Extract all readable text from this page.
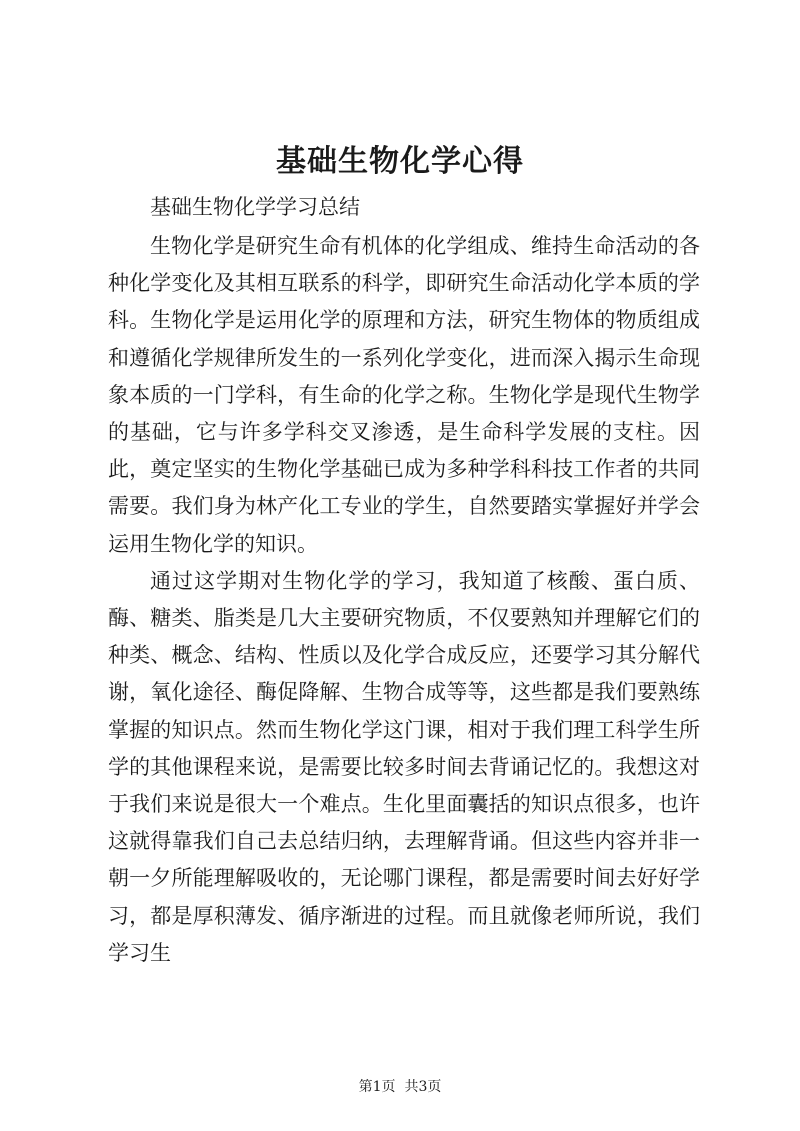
基础生物化学心得
基础生物化学学习总结

生物化学是研究生命有机体的化学组成、维持生命活动的各种化学变化及其相互联系的科学，即研究生命活动化学本质的学科。生物化学是运用化学的原理和方法，研究生物体的物质组成和遵循化学规律所发生的一系列化学变化，进而深入揭示生命现象本质的一门学科，有生命的化学之称。生物化学是现代生物学的基础，它与许多学科交叉渗透，是生命科学发展的支柱。因此，奠定坚实的生物化学基础已成为多种学科科技工作者的共同需要。我们身为林产化工专业的学生，自然要踏实掌握好并学会运用生物化学的知识。

通过这学期对生物化学的学习，我知道了核酸、蛋白质、酶、糖类、脂类是几大主要研究物质，不仅要熟知并理解它们的种类、概念、结构、性质以及化学合成反应，还要学习其分解代谢，氧化途径、酶促降解、生物合成等等，这些都是我们要熟练掌握的知识点。然而生物化学这门课，相对于我们理工科学生所学的其他课程来说，是需要比较多时间去背诵记忆的。我想这对于我们来说是很大一个难点。生化里面囊括的知识点很多，也许这就得靠我们自己去总结归纳，去理解背诵。但这些内容并非一朝一夕所能理解吸收的，无论哪门课程，都是需要时间去好好学习，都是厚积薄发、循序渐进的过程。而且就像老师所说，我们学习生

第1页  共3页
